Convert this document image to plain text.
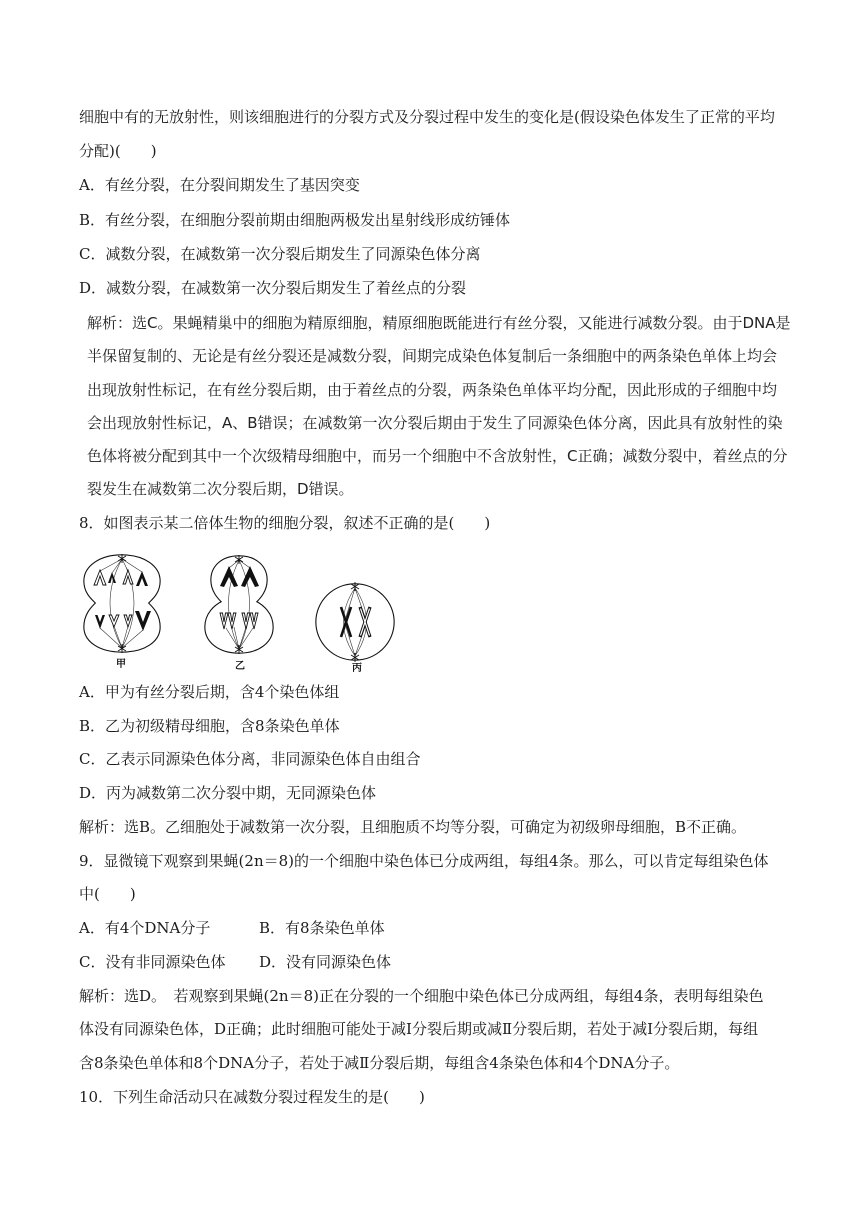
细胞中有的无放射性，则该细胞进行的分裂方式及分裂过程中发生的变化是(假设染色体发生了正常的平均
分配)(　　)
A．有丝分裂，在分裂间期发生了基因突变
B．有丝分裂，在细胞分裂前期由细胞两极发出星射线形成纺锤体
C．减数分裂，在减数第一次分裂后期发生了同源染色体分离
D．减数分裂，在减数第一次分裂后期发生了着丝点的分裂
解析：选C。果蝇精巢中的细胞为精原细胞，精原细胞既能进行有丝分裂，又能进行减数分裂。由于DNA是
半保留复制的、无论是有丝分裂还是减数分裂，间期完成染色体复制后一条细胞中的两条染色单体上均会
出现放射性标记，在有丝分裂后期，由于着丝点的分裂，两条染色单体平均分配，因此形成的子细胞中均
会出现放射性标记，A、B错误；在减数第一次分裂后期由于发生了同源染色体分离，因此具有放射性的染
色体将被分配到其中一个次级精母细胞中，而另一个细胞中不含放射性，C正确；减数分裂中，着丝点的分
裂发生在减数第二次分裂后期，D错误。
8．如图表示某二倍体生物的细胞分裂，叙述不正确的是(　　)
甲	乙	丙
A．甲为有丝分裂后期，含4个染色体组
B．乙为初级精母细胞，含8条染色单体
C．乙表示同源染色体分离，非同源染色体自由组合
D．丙为减数第二次分裂中期，无同源染色体
解析：选B。乙细胞处于减数第一次分裂，且细胞质不均等分裂，可确定为初级卵母细胞，B不正确。
9．显微镜下观察到果蝇(2n＝8)的一个细胞中染色体已分成两组，每组4条。那么，可以肯定每组染色体
中(　　)
A．有4个DNA分子	B．有8条染色单体
C．没有非同源染色体 D．没有同源染色体
解析：选D。　若观察到果蝇(2n＝8)正在分裂的一个细胞中染色体已分成两组，每组4条，表明每组染色
体没有同源染色体，D正确；此时细胞可能处于减Ⅰ分裂后期或减Ⅱ分裂后期，若处于减Ⅰ分裂后期，每组
含8条染色单体和8个DNA分子，若处于减Ⅱ分裂后期，每组含4条染色体和4个DNA分子。
10．下列生命活动只在减数分裂过程发生的是(　　)
